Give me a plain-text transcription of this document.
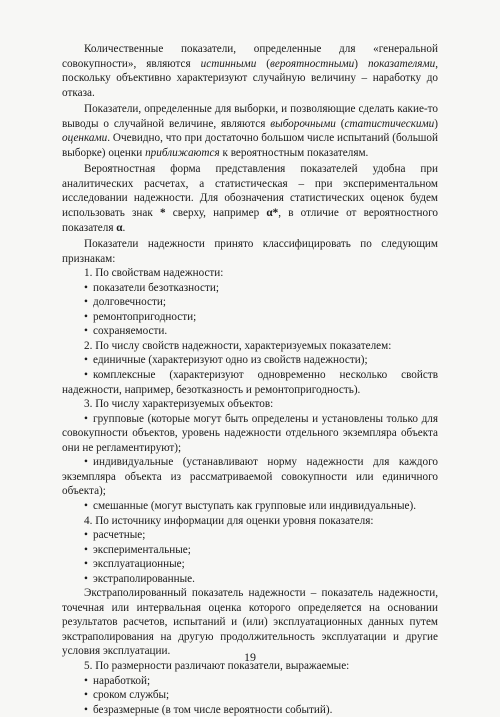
Количественные показатели, определенные для «генеральной совокупности», являются истинными (вероятностными) показателями, поскольку объективно характеризуют случайную величину – наработку до отказа.

Показатели, определенные для выборки, и позволяющие сделать какие-то выводы о случайной величине, являются выборочными (статистическими) оценками. Очевидно, что при достаточно большом числе испытаний (большой выборке) оценки приближаются к вероятностным показателям.

Вероятностная форма представления показателей удобна при аналитических расчетах, а статистическая – при экспериментальном исследовании надежности. Для обозначения статистических оценок будем использовать знак * сверху, например α*, в отличие от вероятностного показателя α.

Показатели надежности принято классифицировать по следующим признакам:

1. По свойствам надежности:
• показатели безотказности;
• долговечности;
• ремонтопригодности;
• сохраняемости.
2. По числу свойств надежности, характеризуемых показателем:
• единичные (характеризуют одно из свойств надежности);
• комплексные (характеризуют одновременно несколько свойств надежности, например, безотказность и ремонтопригодность).
3. По числу характеризуемых объектов:
• групповые (которые могут быть определены и установлены только для совокупности объектов, уровень надежности отдельного экземпляра объекта они не регламентируют);
• индивидуальные (устанавливают норму надежности для каждого экземпляра объекта из рассматриваемой совокупности или единичного объекта);
• смешанные (могут выступать как групповые или индивидуальные).
4. По источнику информации для оценки уровня показателя:
• расчетные;
• экспериментальные;
• эксплуатационные;
• экстраполированные.

Экстраполированный показатель надежности – показатель надежности, точечная или интервальная оценка которого определяется на основании результатов расчетов, испытаний и (или) эксплуатационных данных путем экстраполирования на другую продолжительность эксплуатации и другие условия эксплуатации.

5. По размерности различают показатели, выражаемые:
• наработкой;
• сроком службы;
• безразмерные (в том числе вероятности событий).
19
